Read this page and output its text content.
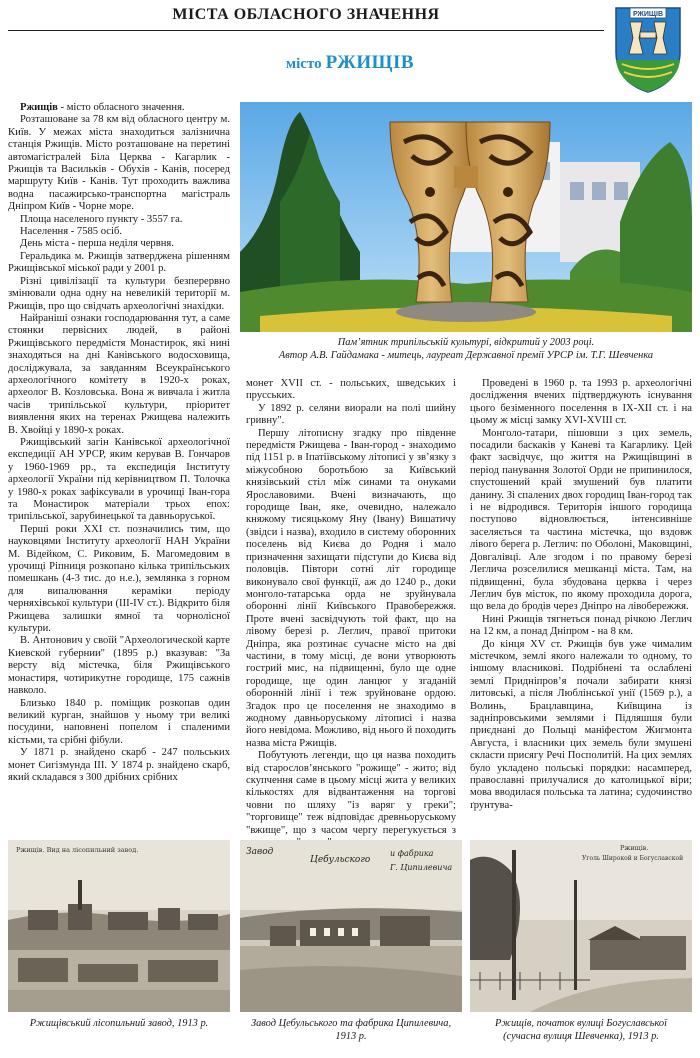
МІСТА ОБЛАСНОГО ЗНАЧЕННЯ	РЖИЩІВ
місто РЖИЩІВ

Ржищів - місто обласного значення.

Розташоване за 78 км від обласного центру м. Київ. У межах міста знаходиться залізнична станція Ржищів. Місто розташоване на перетині автомагістралей Біла Церква - Кагарлик - Ржищів та Васильків - Обухів - Канів, посеред маршруту Київ - Канів. Тут проходить важлива водна пасажирсько-транспортна магістраль Дніпром Київ - Чорне море.

Площа населеного пункту - 3557 га.

Населення - 7585 осіб.

День міста - перша неділя червня.

Геральдика м. Ржищів затверджена рішенням Ржищівської міської ради у 2001 р.

Різні цивілізації та культури безперервно змінювали одна одну на невеликій території м. Ржищів, про що свідчать археологічні знахідки.

Найраніші ознаки господарювання тут, а саме стоянки первісних людей, в районі Ржищівського передмістя Монастирок, які нині знаходяться на дні Канівського водосховища, досліджувала, за завданням Всеукраїнського археологічного комітету в 1920-х роках, археолог В. Козловська. Вона ж вивчала і житла часів трипільської культури, пріоритет виявлення яких на теренах Ржищева належить В. Хвойці у 1890-х роках.

Ржищівський загін Канівської археологічної експедиції АН УРСР, яким керував В. Гончаров у 1960-1969 рр., та експедиція Інституту археології України під керівництвом П. Толочка у 1980-х роках зафіксували в урочищі Іван-гора та Монастирок матеріали трьох епох: трипільської, зарубинецької та давньоруської.

Перші роки XXI ст. позначились тим, що науковцями Інституту археології НАН України М. Відейком, С. Риковим, Б. Магомедовим в урочищі Ріпниця розкопано кілька трипільських помешкань (4-3 тис. до н.е.), землянка з горном для випалювання кераміки періоду черняхівської культури (III-IV ст.). Відкрито біля Ржищева залишки ямної та чорнолісної культури.

В. Антонович у своїй "Археологической карте Киевской губернии" (1895 р.) вказував: "За версту від містечка, біля Ржищівського монастиря, чотирикутне городище, 175 сажнів навколо.

Близько 1840 р. поміщик розкопав один великий курган, знайшов у ньому три великі посудини, наповнені попелом і спаленими кістьми, та срібні фібули.

У 1871 р. знайдено скарб - 247 польських монет Сигізмунда III. У 1874 р. знайдено скарб, який складався з 300 дрібних срібних

Пам’ятник трипільській культурі, відкритий у 2003 році.
Автор А.В. Гайдамака - митець, лауреат Державної премії УРСР ім. Т.Г. Шевченка

монет XVII ст. - польських, шведських і прусських.

У 1892 р. селяни виорали на полі шийну гривну".

Першу літописну згадку про південне передмістя Ржищева - Іван-город - знаходимо під 1151 р. в Іпатіївському літописі у зв’язку з міжусобною боротьбою за Київський князівський стіл між синами та онуками Ярославовими. Вчені визначають, що городище Іван, яке, очевидно, належало княжому тисяцькому Яну (Івану) Вишатичу (звідси і назва), входило в систему оборонних поселень від Києва до Родня і мало призначення захищати підступи до Києва від половців. Півтори сотні літ городище виконувало свої функції, аж до 1240 р., доки монголо-татарська орда не зруйнувала оборонні лінії Київського Правобережжя. Проте вчені засвідчують той факт, що на лівому березі р. Леглич, правої притоки Дніпра, яка розтинає сучасне місто на дві частини, в тому місці, де вони утворюють гострий мис, на підвищенні, було ще одне городище, ще один ланцюг у згаданій оборонній лінії і теж зруйноване ордою. Згадок про це поселення не знаходимо в жодному давньоруському літописі і назва його невідома. Можливо, від нього й походить назва міста Ржищів.

Побутують легенди, що ця назва походить від старослов’янського "рожище" - жито; від скупчення саме в цьому місці жита у великих кількостях для відвантаження на торгові човни по шляху "із варяг у греки"; "торговище" теж відповідає древньоруському "вжище", що з часом чергу перегукується з

Проведені в 1960 р. та 1993 р. археологічні дослідження вчених підтверджують існування цього безіменного поселення в IX-XII ст. і на цьому ж місці замку XVI-XVIII ст.

Монголо-татари, пішовши з цих земель, посадили баскаків у Каневі та Кагарлику. Цей факт засвідчує, що життя на Ржищівщині в період панування Золотої Орди не припинилося, спустошений край змушений був платити данину. Зі спалених двох городищ Іван-город так і не відродився. Територія іншого городища поступово відновлюється, інтенсивніше заселяється та частина містечка, що вздовж лівого берега р. Леглич: по Оболоні, Маковщині, Довгалівці. Але згодом і по правому березі Леглича розселилися мешканці міста. Там, на підвищенні, була збудована церква і через Леглич був місток, по якому проходила дорога, що вела до бродів через Дніпро на лівобережжя.

Нині Ржищів тягнеться понад річкою Леглич на 12 км, а понад Дніпром - на 8 км.

До кінця XV ст. Ржищів був уже чималим містечком, землі якого належали то одному, то іншому власникові. Подрібнені та ослаблені землі Придніпров’я почали забирати князі литовські, а після Люблінської унії (1569 р.), а Волинь, Брацлавщина, Київщина із задніпровськими землями і Підляшшя були приєднані до Польщі маніфестом Жигмонта Августа, і власники цих земель були змушені скласти присягу Речі Посполитій. На цих землях було укладено польські порядки: насамперед, православні прилучалися до католицької віри; мова вводилася польська та латина; судочинство ґрунтува-

Ржищів. Вид на лісопильний завод.	Завод
Цебульского
и фабрика
Г. Ципилевича
Ржищів.
Уголь Широкой и Богуславской
Ржищівський лісопильний завод, 1913 р.	Завод Цебульського та фабрика Ципилевича,
1913 р.
Ржищів, початок вулиці Богуславської
(сучасна вулиця Шевченка), 1913 р.
